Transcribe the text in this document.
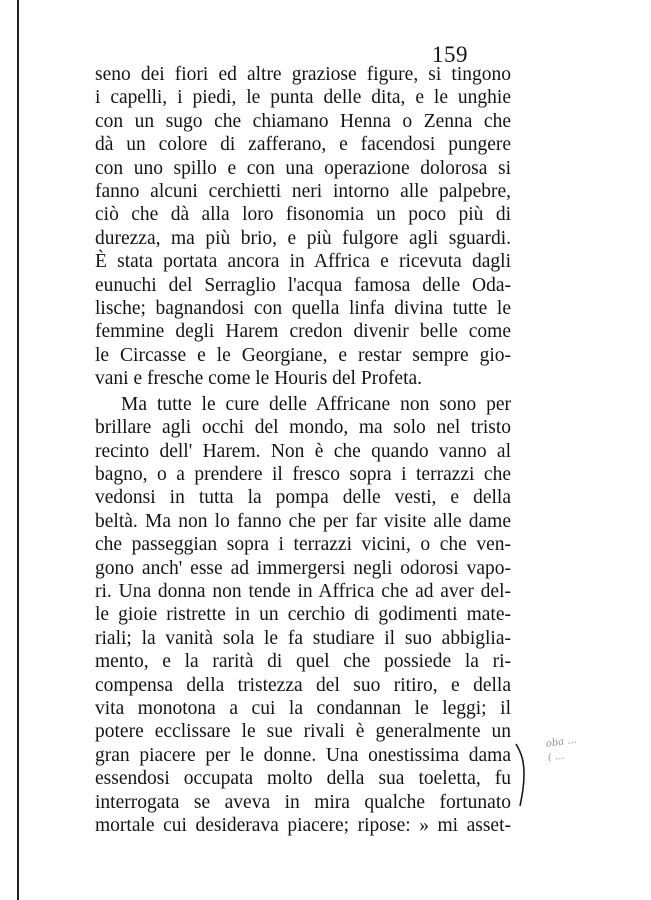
159
seno dei fiori ed altre graziose figure, si tingono
i capelli, i piedi, le punta delle dita, e le unghie
con un sugo che chiamano Henna o Zenna che
dà un colore di zafferano, e facendosi pungere
con uno spillo e con una operazione dolorosa si
fanno alcuni cerchietti neri intorno alle palpebre,
ciò che dà alla loro fisonomia un poco più di
durezza, ma più brio, e più fulgore agli sguardi.
È stata portata ancora in Affrica e ricevuta dagli
eunuchi del Serraglio l'acqua famosa delle Oda-
lische; bagnandosi con quella linfa divina tutte le
femmine degli Harem credon divenir belle come
le Circasse e le Georgiane, e restar sempre gio-
vani e fresche come le Houris del Profeta.
Ma tutte le cure delle Affricane non sono per
brillare agli occhi del mondo, ma solo nel tristo
recinto dell' Harem. Non è che quando vanno al
bagno, o a prendere il fresco sopra i terrazzi che
vedonsi in tutta la pompa delle vesti, e della
beltà. Ma non lo fanno che per far visite alle dame
che passeggian sopra i terrazzi vicini, o che ven-
gono anch' esse ad immergersi negli odorosi vapo-
ri. Una donna non tende in Affrica che ad aver del-
le gioie ristrette in un cerchio di godimenti mate-
riali; la vanità sola le fa studiare il suo abbiglia-
mento, e la rarità di quel che possiede la ri-
compensa della tristezza del suo ritiro, e della
vita monotona a cui la condannan le leggi; il
potere ecclissare le sue rivali è generalmente un
gran piacere per le donne. Una onestissima dama
essendosi occupata molto della sua toeletta, fu
interrogata se aveva in mira qualche fortunato
mortale cui desiderava piacere; ripose: » mi asset-
oba ...
( ...
